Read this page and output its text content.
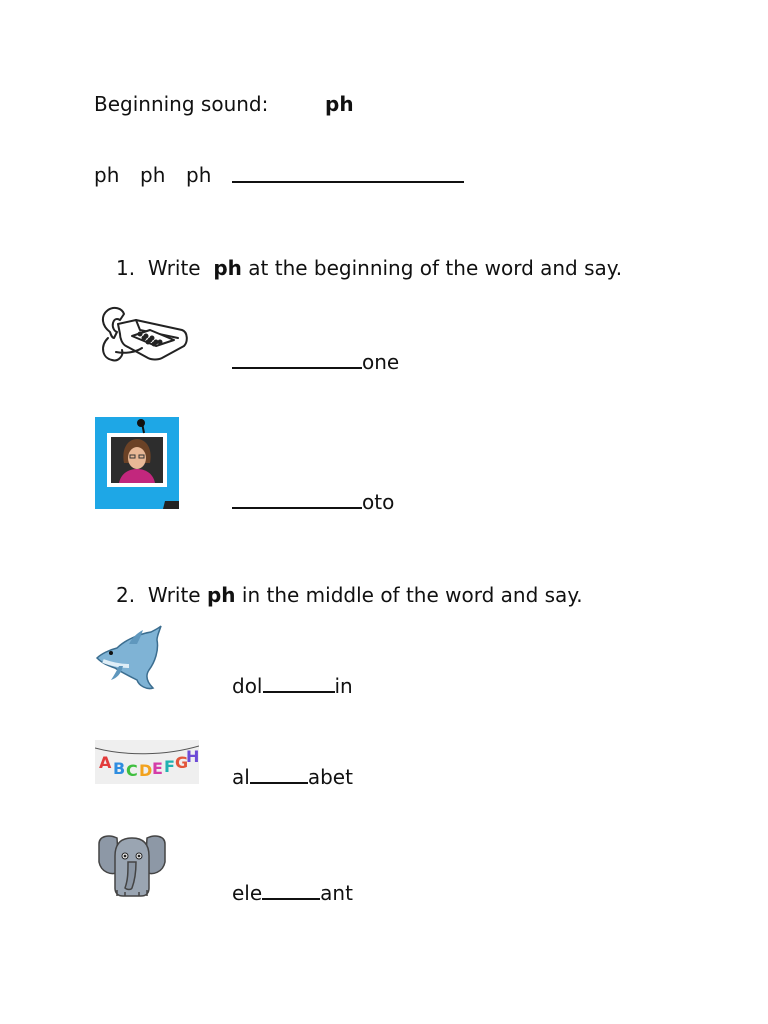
Beginning sound:	ph
ph ph ph

1. Write ph at the beginning of the word and say.
one
oto

2. Write ph in the middle of the word and say.
dol	in
A B C D E F G
H
al	abet
ele	ant
